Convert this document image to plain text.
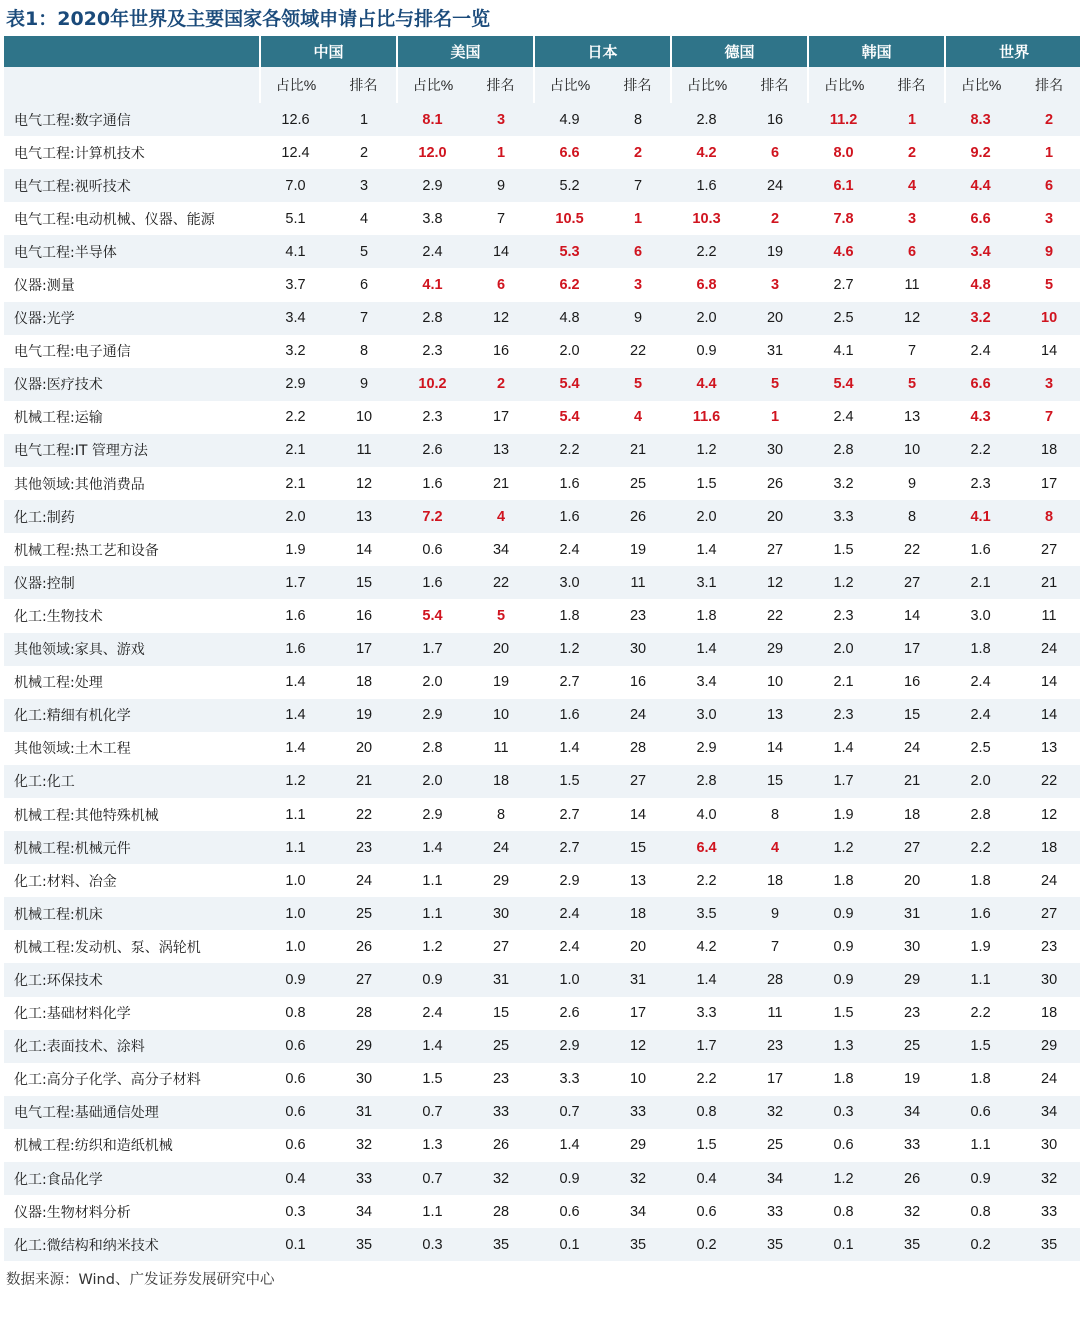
表1：2020年世界及主要国家各领域申请占比与排名一览
	中国		美国		日本		德国		韩国		世界	
	占比%	排名	占比%	排名	占比%	排名	占比%	排名	占比%	排名	占比%	排名
电气工程:数字通信	12.6	1	8.1	3	4.9	8	2.8	16	11.2	1	8.3	2
电气工程:计算机技术	12.4	2	12.0	1	6.6	2	4.2	6	8.0	2	9.2	1
电气工程:视听技术	7.0	3	2.9	9	5.2	7	1.6	24	6.1	4	4.4	6
电气工程:电动机械、仪器、能源	5.1	4	3.8	7	10.5	1	10.3	2	7.8	3	6.6	3
电气工程:半导体	4.1	5	2.4	14	5.3	6	2.2	19	4.6	6	3.4	9
仪器:测量	3.7	6	4.1	6	6.2	3	6.8	3	2.7	11	4.8	5
仪器:光学	3.4	7	2.8	12	4.8	9	2.0	20	2.5	12	3.2	10
电气工程:电子通信	3.2	8	2.3	16	2.0	22	0.9	31	4.1	7	2.4	14
仪器:医疗技术	2.9	9	10.2	2	5.4	5	4.4	5	5.4	5	6.6	3
机械工程:运输	2.2	10	2.3	17	5.4	4	11.6	1	2.4	13	4.3	7
电气工程:IT 管理方法	2.1	11	2.6	13	2.2	21	1.2	30	2.8	10	2.2	18
其他领域:其他消费品	2.1	12	1.6	21	1.6	25	1.5	26	3.2	9	2.3	17
化工:制药	2.0	13	7.2	4	1.6	26	2.0	20	3.3	8	4.1	8
机械工程:热工艺和设备	1.9	14	0.6	34	2.4	19	1.4	27	1.5	22	1.6	27
仪器:控制	1.7	15	1.6	22	3.0	11	3.1	12	1.2	27	2.1	21
化工:生物技术	1.6	16	5.4	5	1.8	23	1.8	22	2.3	14	3.0	11
其他领域:家具、游戏	1.6	17	1.7	20	1.2	30	1.4	29	2.0	17	1.8	24
机械工程:处理	1.4	18	2.0	19	2.7	16	3.4	10	2.1	16	2.4	14
化工:精细有机化学	1.4	19	2.9	10	1.6	24	3.0	13	2.3	15	2.4	14
其他领域:土木工程	1.4	20	2.8	11	1.4	28	2.9	14	1.4	24	2.5	13
化工:化工	1.2	21	2.0	18	1.5	27	2.8	15	1.7	21	2.0	22
机械工程:其他特殊机械	1.1	22	2.9	8	2.7	14	4.0	8	1.9	18	2.8	12
机械工程:机械元件	1.1	23	1.4	24	2.7	15	6.4	4	1.2	27	2.2	18
化工:材料、冶金	1.0	24	1.1	29	2.9	13	2.2	18	1.8	20	1.8	24
机械工程:机床	1.0	25	1.1	30	2.4	18	3.5	9	0.9	31	1.6	27
机械工程:发动机、泵、涡轮机	1.0	26	1.2	27	2.4	20	4.2	7	0.9	30	1.9	23
化工:环保技术	0.9	27	0.9	31	1.0	31	1.4	28	0.9	29	1.1	30
化工:基础材料化学	0.8	28	2.4	15	2.6	17	3.3	11	1.5	23	2.2	18
化工:表面技术、涂料	0.6	29	1.4	25	2.9	12	1.7	23	1.3	25	1.5	29
化工:高分子化学、高分子材料	0.6	30	1.5	23	3.3	10	2.2	17	1.8	19	1.8	24
电气工程:基础通信处理	0.6	31	0.7	33	0.7	33	0.8	32	0.3	34	0.6	34
机械工程:纺织和造纸机械	0.6	32	1.3	26	1.4	29	1.5	25	0.6	33	1.1	30
化工:食品化学	0.4	33	0.7	32	0.9	32	0.4	34	1.2	26	0.9	32
仪器:生物材料分析	0.3	34	1.1	28	0.6	34	0.6	33	0.8	32	0.8	33
化工:微结构和纳米技术	0.1	35	0.3	35	0.1	35	0.2	35	0.1	35	0.2	35
数据来源：Wind、广发证券发展研究中心
